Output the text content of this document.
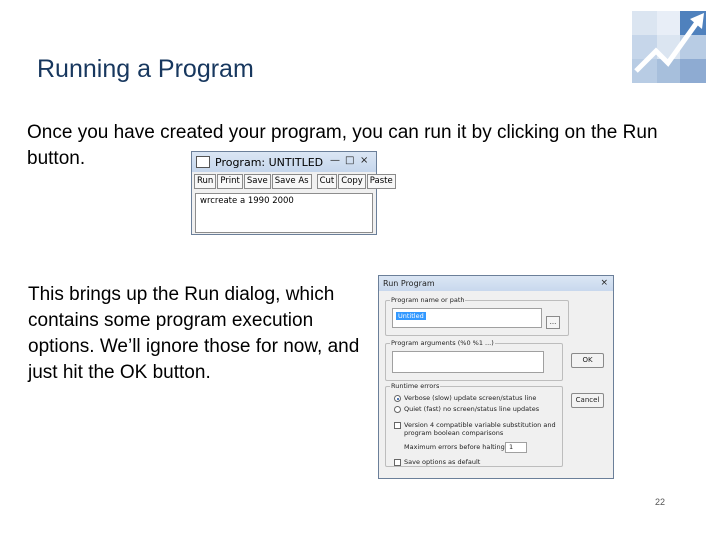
Running a Program
Once you have created your program, you can run it by clicking on the Run button.	Program: UNTITLED — □ ×
Run Print Save Save As	Cut Copy Paste
wrcreate a 1990 2000
This brings up the Run dialog, which contains some program execution options. We’ll ignore those for now, and just hit the OK button.
Run Program	×
Program name or path
Untitled
...
Program arguments (%0 %1 ...)
OK
Cancel
Runtime errors
Verbose (slow) update screen/status line
Quiet (fast) no screen/status line updates
Version 4 compatible variable substitution and
program boolean comparisons
Maximum errors before halting 1
Save options as default
22
